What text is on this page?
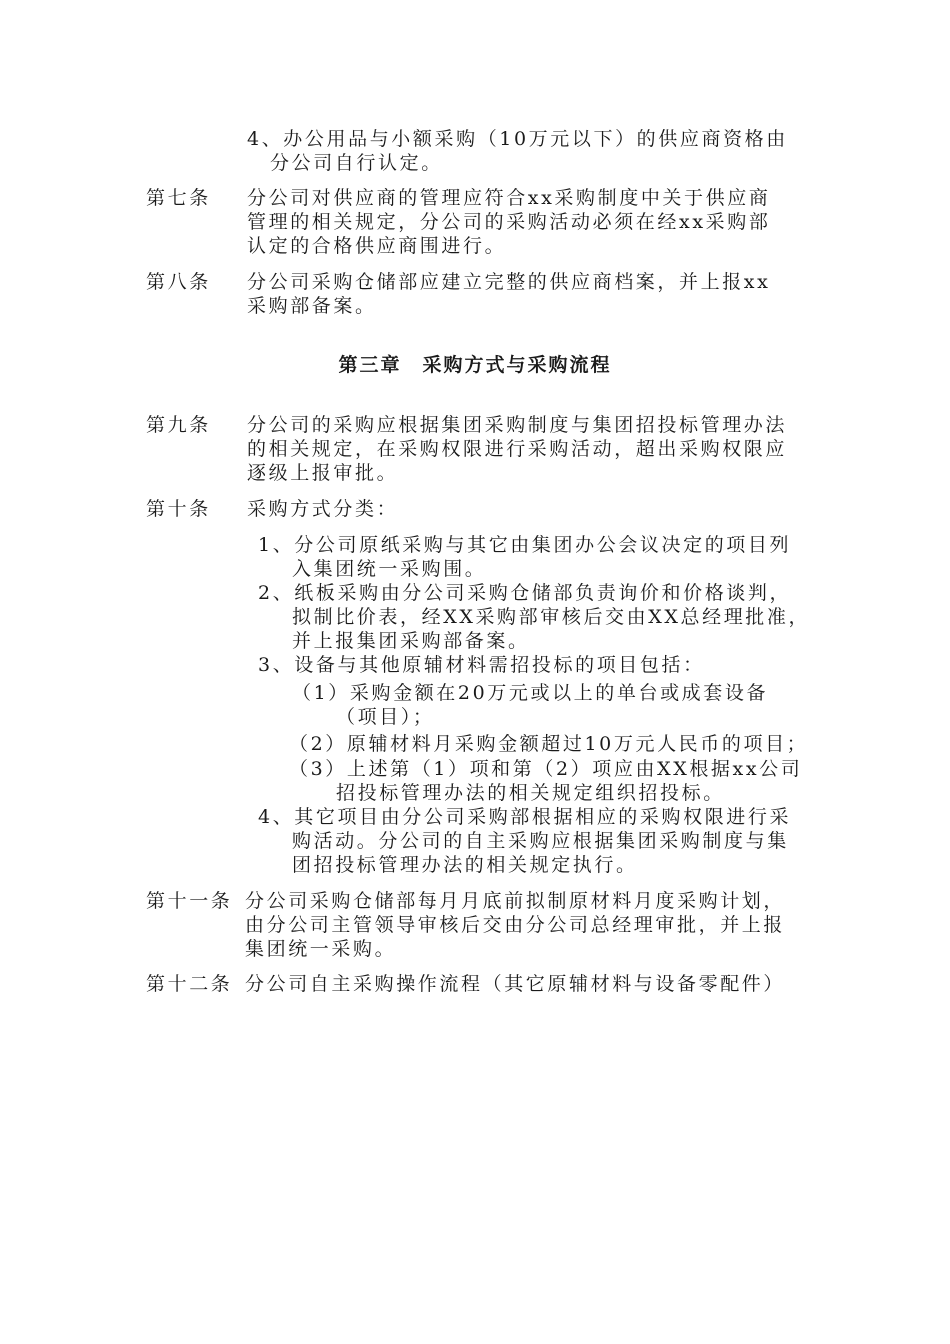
4、办公用品与小额采购（10万元以下）的供应商资格由
分公司自行认定。
第七条 分公司对供应商的管理应符合xx采购制度中关于供应商
管理的相关规定，分公司的采购活动必须在经xx采购部
认定的合格供应商围进行。
第八条 分公司采购仓储部应建立完整的供应商档案，并上报xx
采购部备案。
第三章　采购方式与采购流程
第九条 分公司的采购应根据集团采购制度与集团招投标管理办法
的相关规定，在采购权限进行采购活动，超出采购权限应
逐级上报审批。
第十条 采购方式分类：
1、分公司原纸采购与其它由集团办公会议决定的项目列
入集团统一采购围。
2、纸板采购由分公司采购仓储部负责询价和价格谈判，
拟制比价表，经XX采购部审核后交由XX总经理批准，
并上报集团采购部备案。
3、设备与其他原辅材料需招投标的项目包括：
（1）采购金额在20万元或以上的单台或成套设备
（项目）；
（2）原辅材料月采购金额超过10万元人民币的项目；
（3）上述第（1）项和第（2）项应由XX根据xx公司
招投标管理办法的相关规定组织招投标。
4、其它项目由分公司采购部根据相应的采购权限进行采
购活动。分公司的自主采购应根据集团采购制度与集
团招投标管理办法的相关规定执行。
第十一条 分公司采购仓储部每月月底前拟制原材料月度采购计划，
由分公司主管领导审核后交由分公司总经理审批，并上报
集团统一采购。
第十二条 分公司自主采购操作流程（其它原辅材料与设备零配件）
